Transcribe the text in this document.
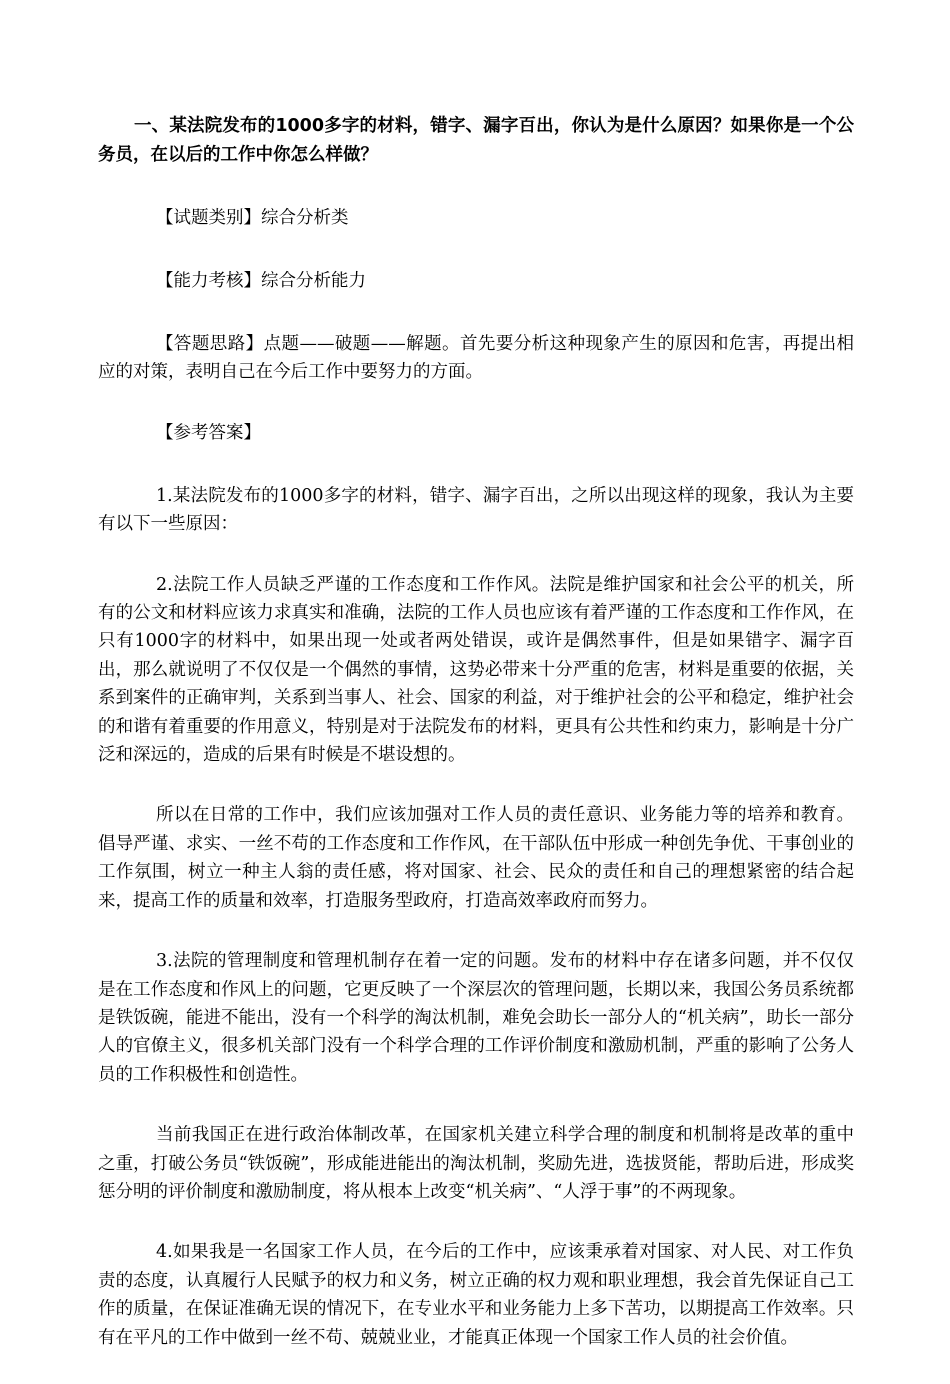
一、某法院发布的1000多字的材料，错字、漏字百出，你认为是什么原因？如果你是一个公务员，在以后的工作中你怎么样做？

【试题类别】综合分析类

【能力考核】综合分析能力

【答题思路】点题——破题——解题。首先要分析这种现象产生的原因和危害，再提出相应的对策，表明自己在今后工作中要努力的方面。

【参考答案】

1.某法院发布的1000多字的材料，错字、漏字百出，之所以出现这样的现象，我认为主要有以下一些原因：

2.法院工作人员缺乏严谨的工作态度和工作作风。法院是维护国家和社会公平的机关，所有的公文和材料应该力求真实和准确，法院的工作人员也应该有着严谨的工作态度和工作作风，在只有1000字的材料中，如果出现一处或者两处错误，或许是偶然事件，但是如果错字、漏字百出，那么就说明了不仅仅是一个偶然的事情，这势必带来十分严重的危害，材料是重要的依据，关系到案件的正确审判，关系到当事人、社会、国家的利益，对于维护社会的公平和稳定，维护社会的和谐有着重要的作用意义，特别是对于法院发布的材料，更具有公共性和约束力，影响是十分广泛和深远的，造成的后果有时候是不堪设想的。

所以在日常的工作中，我们应该加强对工作人员的责任意识、业务能力等的培养和教育。倡导严谨、求实、一丝不苟的工作态度和工作作风，在干部队伍中形成一种创先争优、干事创业的工作氛围，树立一种主人翁的责任感，将对国家、社会、民众的责任和自己的理想紧密的结合起来，提高工作的质量和效率，打造服务型政府，打造高效率政府而努力。

3.法院的管理制度和管理机制存在着一定的问题。发布的材料中存在诸多问题，并不仅仅是在工作态度和作风上的问题，它更反映了一个深层次的管理问题，长期以来，我国公务员系统都是铁饭碗，能进不能出，没有一个科学的淘汰机制，难免会助长一部分人的“机关病”，助长一部分人的官僚主义，很多机关部门没有一个科学合理的工作评价制度和激励机制，严重的影响了公务人员的工作积极性和创造性。

当前我国正在进行政治体制改革，在国家机关建立科学合理的制度和机制将是改革的重中之重，打破公务员“铁饭碗”，形成能进能出的淘汰机制，奖励先进，选拔贤能，帮助后进，形成奖惩分明的评价制度和激励制度，将从根本上改变“机关病”、“人浮于事”的不两现象。

4.如果我是一名国家工作人员，在今后的工作中，应该秉承着对国家、对人民、对工作负责的态度，认真履行人民赋予的权力和义务，树立正确的权力观和职业理想，我会首先保证自己工作的质量，在保证准确无误的情况下，在专业水平和业务能力上多下苦功，以期提高工作效率。只有在平凡的工作中做到一丝不苟、兢兢业业，才能真正体现一个国家工作人员的社会价值。
